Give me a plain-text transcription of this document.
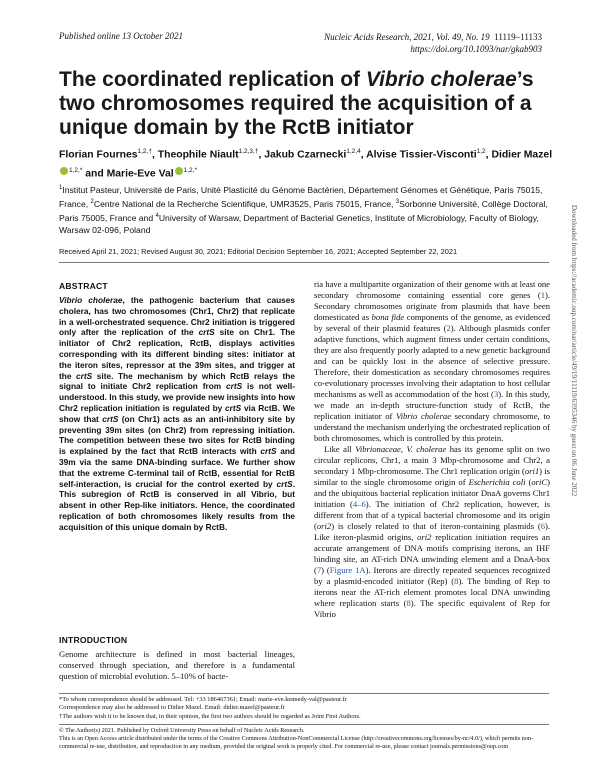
Published online 13 October 2021	Nucleic Acids Research, 2021, Vol. 49, No. 19 11119–11133
https://doi.org/10.1093/nar/gkab903
The coordinated replication of Vibrio cholerae’s two chromosomes required the acquisition of a unique domain by the RctB initiator
Florian Fournes$^{1,2,\dagger}$, Theophile Niault$^{1,2,3,\dagger}$, Jakub Czarnecki$^{1,2,4}$, Alvise Tissier-Visconti$^{1,2}$, Didier Mazel$^{1,2,*}$ and Marie-Eve Val $^{1,2,*}$
$^1$Institut Pasteur, Université de Paris, Unité Plasticité du Génome Bactérien, Département Génomes et Génétique, Paris 75015, France, $^2$Centre National de la Recherche Scientifique, UMR3525, Paris 75015, France, $^3$Sorbonne Université, Collège Doctoral, Paris 75005, France and $^4$University of Warsaw, Department of Bacterial Genetics, Institute of Microbiology, Faculty of Biology, Warsaw 02-096, Poland
Received April 21, 2021; Revised August 30, 2021; Editorial Decision September 16, 2021; Accepted September 22, 2021
ABSTRACT
Vibrio cholerae, the pathogenic bacterium that causes cholera, has two chromosomes (Chr1, Chr2) that replicate in a well-orchestrated sequence. Chr2 initiation is triggered only after the replication of the crtS site on Chr1. The initiator of Chr2 replication, RctB, displays activities corresponding with its different binding sites: initiator at the iteron sites, repressor at the 39m sites, and trigger at the crtS site. The mechanism by which RctB relays the signal to initiate Chr2 replication from crtS is not well-understood. In this study, we provide new insights into how Chr2 replication initiation is regulated by crtS via RctB. We show that crtS (on Chr1) acts as an anti-inhibitory site by preventing 39m sites (on Chr2) from repressing initiation. The competition between these two sites for RctB binding is explained by the fact that RctB interacts with crtS and 39m via the same DNA-binding surface. We further show that the extreme C-terminal tail of RctB, essential for RctB self-interaction, is crucial for the control exerted by crtS. This subregion of RctB is conserved in all Vibrio, but absent in other Rep-like initiators. Hence, the coordinated replication of both chromosomes likely results from the acquisition of this unique domain by RctB.
INTRODUCTION
Genome architecture is defined in most bacterial lineages, conserved through speciation, and therefore is a fundamental question of microbial evolution. 5–10% of bacte-

ria have a multipartite organization of their genome with at least one secondary chromosome containing essential core genes (1). Secondary chromosomes originate from plasmids that have been domesticated as bona fide components of the genome, as evidenced by several of their plasmid features (2). Although plasmids confer adaptive functions, which augment fitness under certain conditions, they are also frequently poorly adapted to a new genetic background and can be quickly lost in the absence of selective pressure. Therefore, their domestication as secondary chromosomes requires co-evolutionary processes involving their adaptation to host cellular mechanisms as well as accommodation of the host (3). In this study, we made an in-depth structure-function study of RctB, the replication initiator of Vibrio cholerae secondary chromosome, to understand the mechanism underlying the orchestrated replication of both chromosomes, which is controlled by this protein.

Like all Vibrionaceae, V. cholerae has its genome split on two circular replicons, Chr1, a main 3 Mbp-chromosome and Chr2, a secondary 1 Mbp-chromosome. The Chr1 replication origin (ori1) is similar to the single chromosome origin of Escherichia coli (oriC) and the ubiquitous bacterial replication initiator DnaA governs Chr1 initiation (4–6). The initiation of Chr2 replication, however, is different from that of a typical bacterial chromosome and its origin (ori2) is closely related to that of iteron-containing plasmids (6). Like iteron-plasmid origins, ori2 replication initiation requires an accurate arrangement of DNA motifs comprising iterons, an IHF binding site, an AT-rich DNA unwinding element and a DnaA-box (7) (Figure 1A). Iterons are directly repeated sequences recognized by a plasmid-encoded initiator (Rep) (8). The binding of Rep to iterons near the AT-rich element promotes local DNA unwinding where replication starts (8). The specific equivalent of Rep for Vibrio

*To whom correspondence should be addressed. Tel: +33 186467361; Email: marie-eve.kennedy-val@pasteur.fr
Correspondence may also be addressed to Didier Mazel. Email: didier.mazel@pasteur.fr
†The authors wish it to be known that, in their opinion, the first two authors should be regarded as Joint First Authors.
© The Author(s) 2021. Published by Oxford University Press on behalf of Nucleic Acids Research.
This is an Open Access article distributed under the terms of the Creative Commons Attribution-NonCommercial License (http://creativecommons.org/licenses/by-nc/4.0/), which permits non-commercial re-use, distribution, and reproduction in any medium, provided the original work is properly cited. For commercial re-use, please contact journals.permissions@oup.com
Downloaded from https://academic.oup.com/nar/article/49/19/11119/6395346 by guest on 06 June 2022
